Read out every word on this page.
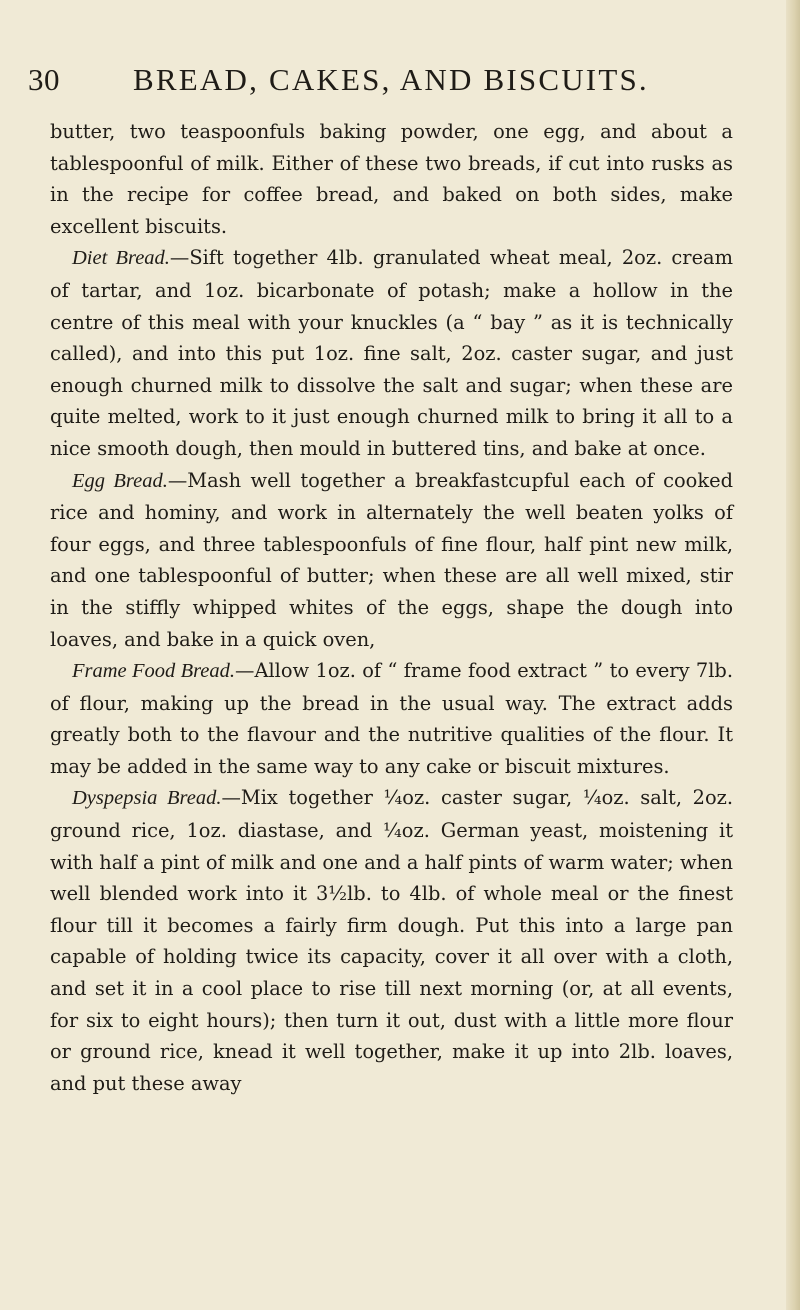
30 BREAD, CAKES, AND BISCUITS.

butter, two teaspoonfuls baking powder, one egg, and about a tablespoonful of milk. Either of these two breads, if cut into rusks as in the recipe for coffee bread, and baked on both sides, make excellent biscuits.

Diet Bread.—Sift together 4lb. granulated wheat meal, 2oz. cream of tartar, and 1oz. bicarbonate of potash; make a hollow in the centre of this meal with your knuckles (a “ bay ” as it is technically called), and into this put 1oz. fine salt, 2oz. caster sugar, and just enough churned milk to dissolve the salt and sugar; when these are quite melted, work to it just enough churned milk to bring it all to a nice smooth dough, then mould in buttered tins, and bake at once.

Egg Bread.—Mash well together a breakfastcupful each of cooked rice and hominy, and work in alternately the well beaten yolks of four eggs, and three tablespoonfuls of fine flour, half pint new milk, and one tablespoonful of butter; when these are all well mixed, stir in the stiffly whipped whites of the eggs, shape the dough into loaves, and bake in a quick oven,

Frame Food Bread.—Allow 1oz. of “ frame food extract ” to every 7lb. of flour, making up the bread in the usual way. The extract adds greatly both to the flavour and the nutritive qualities of the flour. It may be added in the same way to any cake or biscuit mixtures.

Dyspepsia Bread.—Mix together ¼oz. caster sugar, ¼oz. salt, 2oz. ground rice, 1oz. diastase, and ¼oz. German yeast, moistening it with half a pint of milk and one and a half pints of warm water; when well blended work into it 3½lb. to 4lb. of whole meal or the finest flour till it becomes a fairly firm dough. Put this into a large pan capable of holding twice its capacity, cover it all over with a cloth, and set it in a cool place to rise till next morning (or, at all events, for six to eight hours); then turn it out, dust with a little more flour or ground rice, knead it well together, make it up into 2lb. loaves, and put these away
